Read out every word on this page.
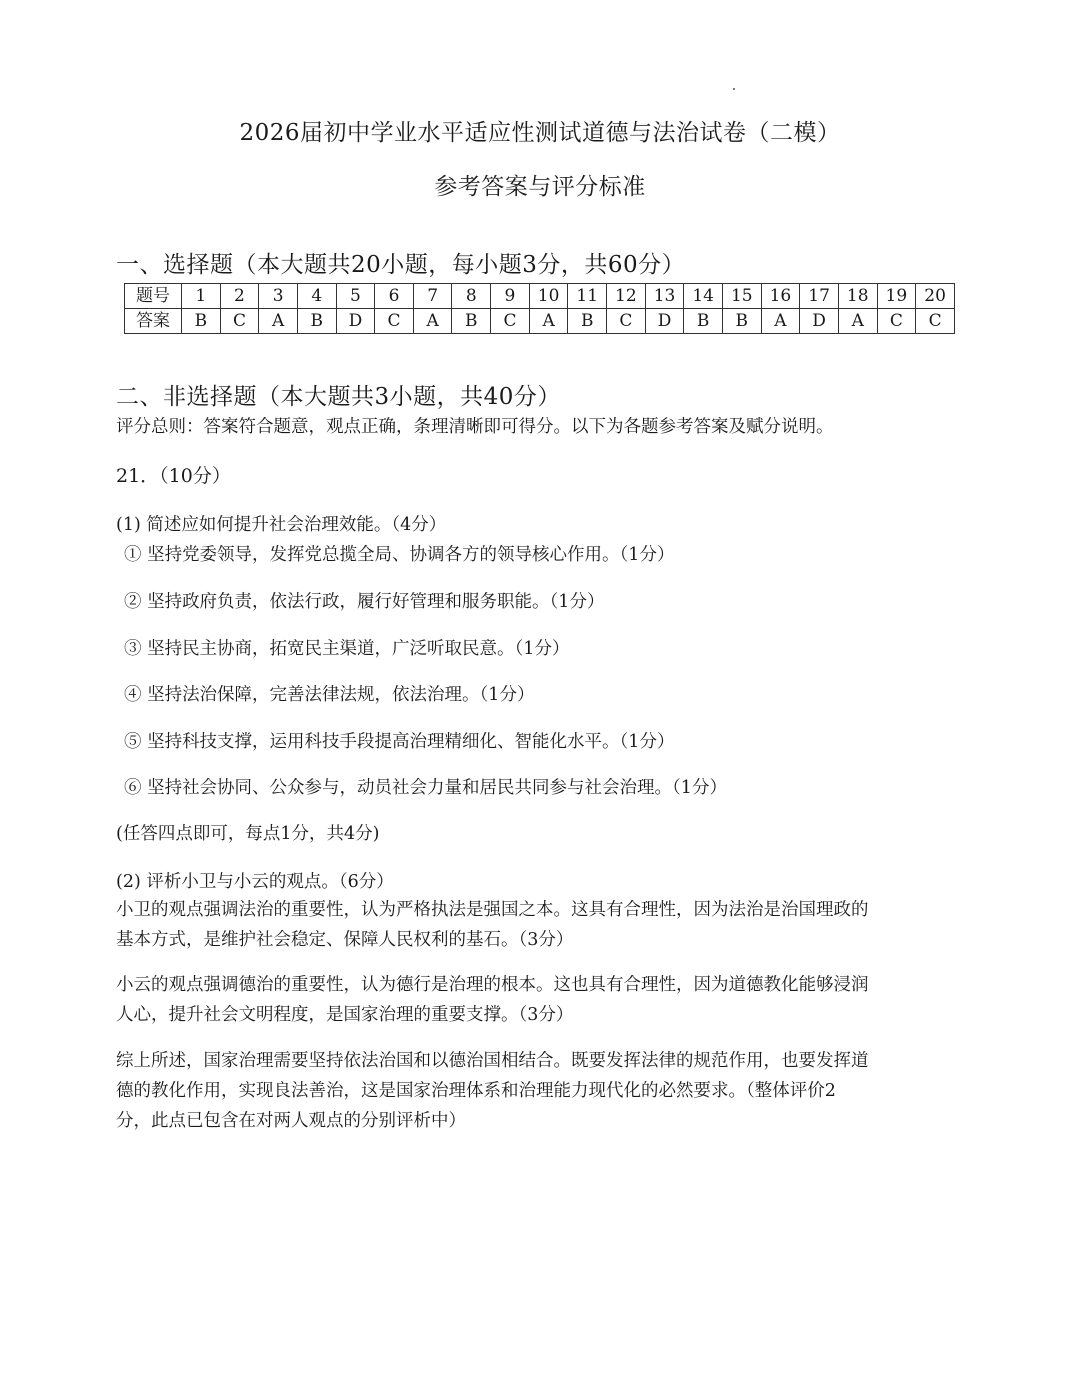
2026届初中学业水平适应性测试道德与法治试卷（二模）
参考答案与评分标准
一、选择题（本大题共20小题，每小题3分，共60分）
题号	1	2	3	4	5	6	7	8	9	10	11	12	13	14	15	16	17	18	19	20
答案	B	C	A	B	D	C	A	B	C	A	B	C	D	B	B	A	D	A	C	C
二、非选择题（本大题共3小题，共40分）
评分总则：答案符合题意，观点正确，条理清晰即可得分。以下为各题参考答案及赋分说明。
21．（10分）
(1) 简述应如何提升社会治理效能。（4分）
① 坚持党委领导，发挥党总揽全局、协调各方的领导核心作用。（1分）
② 坚持政府负责，依法行政，履行好管理和服务职能。（1分）
③ 坚持民主协商，拓宽民主渠道，广泛听取民意。（1分）
④ 坚持法治保障，完善法律法规，依法治理。（1分）
⑤ 坚持科技支撑，运用科技手段提高治理精细化、智能化水平。（1分）
⑥ 坚持社会协同、公众参与，动员社会力量和居民共同参与社会治理。（1分）
(任答四点即可，每点1分，共4分)
(2) 评析小卫与小云的观点。（6分）
小卫的观点强调法治的重要性，认为严格执法是强国之本。这具有合理性，因为法治是治国理政的
基本方式，是维护社会稳定、保障人民权利的基石。（3分）
小云的观点强调德治的重要性，认为德行是治理的根本。这也具有合理性，因为道德教化能够浸润
人心，提升社会文明程度，是国家治理的重要支撑。（3分）
综上所述，国家治理需要坚持依法治国和以德治国相结合。既要发挥法律的规范作用，也要发挥道
德的教化作用，实现良法善治，这是国家治理体系和治理能力现代化的必然要求。（整体评价2
分，此点已包含在对两人观点的分别评析中）
